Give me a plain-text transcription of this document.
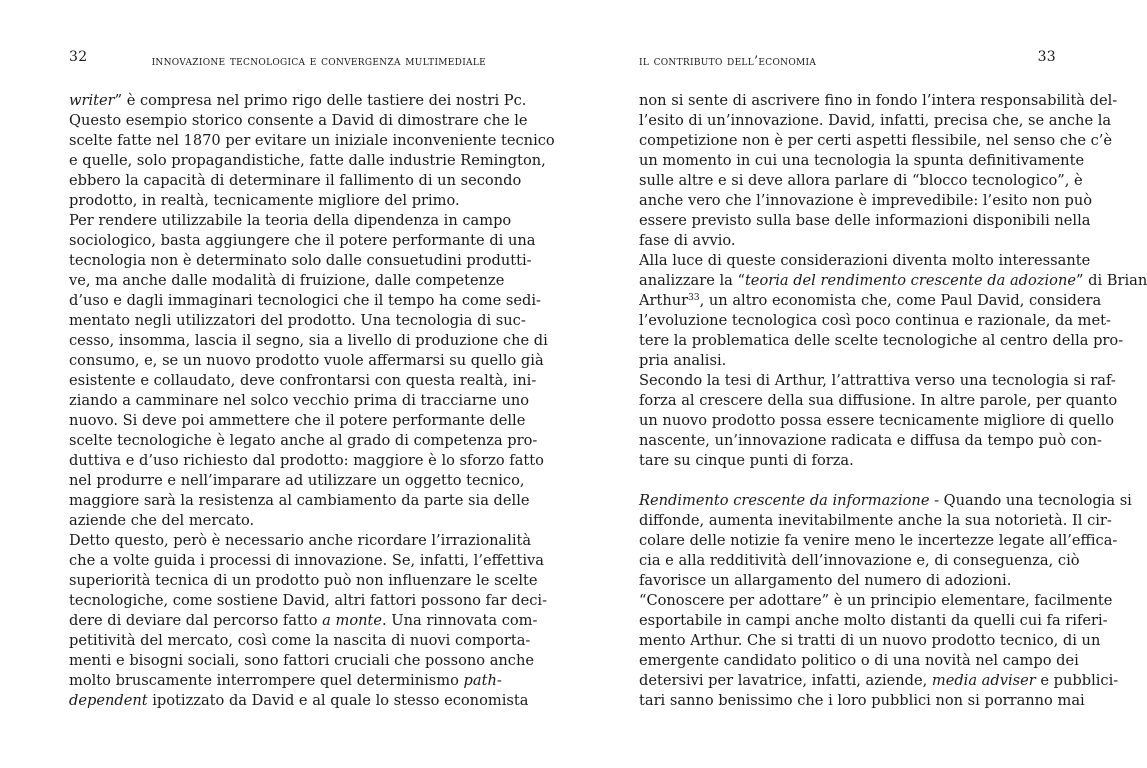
32	innovazione tecnologica e convergenza multimediale
writer” è compresa nel primo rigo delle tastiere dei nostri Pc.
Questo esempio storico consente a David di dimostrare che le
scelte fatte nel 1870 per evitare un iniziale inconveniente tecnico
e quelle, solo propagandistiche, fatte dalle industrie Remington,
ebbero la capacità di determinare il fallimento di un secondo
prodotto, in realtà, tecnicamente migliore del primo.
Per rendere utilizzabile la teoria della dipendenza in campo
sociologico, basta aggiungere che il potere performante di una
tecnologia non è determinato solo dalle consuetudini produtti-
ve, ma anche dalle modalità di fruizione, dalle competenze
d’uso e dagli immaginari tecnologici che il tempo ha come sedi-
mentato negli utilizzatori del prodotto. Una tecnologia di suc-
cesso, insomma, lascia il segno, sia a livello di produzione che di
consumo, e, se un nuovo prodotto vuole affermarsi su quello già
esistente e collaudato, deve confrontarsi con questa realtà, ini-
ziando a camminare nel solco vecchio prima di tracciarne uno
nuovo. Si deve poi ammettere che il potere performante delle
scelte tecnologiche è legato anche al grado di competenza pro-
duttiva e d’uso richiesto dal prodotto: maggiore è lo sforzo fatto
nel produrre e nell’imparare ad utilizzare un oggetto tecnico,
maggiore sarà la resistenza al cambiamento da parte sia delle
aziende che del mercato.
Detto questo, però è necessario anche ricordare l’irrazionalità
che a volte guida i processi di innovazione. Se, infatti, l’effettiva
superiorità tecnica di un prodotto può non influenzare le scelte
tecnologiche, come sostiene David, altri fattori possono far deci-
dere di deviare dal percorso fatto a monte. Una rinnovata com-
petitività del mercato, così come la nascita di nuovi comporta-
menti e bisogni sociali, sono fattori cruciali che possono anche
molto bruscamente interrompere quel determinismo path-
dependent ipotizzato da David e al quale lo stesso economista
il contributo dell’economia	33
non si sente di ascrivere fino in fondo l’intera responsabilità del-
l’esito di un’innovazione. David, infatti, precisa che, se anche la
competizione non è per certi aspetti flessibile, nel senso che c’è
un momento in cui una tecnologia la spunta definitivamente
sulle altre e si deve allora parlare di “blocco tecnologico”, è
anche vero che l’innovazione è imprevedibile: l’esito non può
essere previsto sulla base delle informazioni disponibili nella
fase di avvio.
Alla luce di queste considerazioni diventa molto interessante
analizzare la “teoria del rendimento crescente da adozione” di Brian
Arthur$^{33}$, un altro economista che, come Paul David, considera
l’evoluzione tecnologica così poco continua e razionale, da met-
tere la problematica delle scelte tecnologiche al centro della pro-
pria analisi.
Secondo la tesi di Arthur, l’attrattiva verso una tecnologia si raf-
forza al crescere della sua diffusione. In altre parole, per quanto
un nuovo prodotto possa essere tecnicamente migliore di quello
nascente, un’innovazione radicata e diffusa da tempo può con-
tare su cinque punti di forza.

Rendimento crescente da informazione - Quando una tecnologia si
diffonde, aumenta inevitabilmente anche la sua notorietà. Il cir-
colare delle notizie fa venire meno le incertezze legate all’effica-
cia e alla redditività dell’innovazione e, di conseguenza, ciò
favorisce un allargamento del numero di adozioni.
“Conoscere per adottare” è un principio elementare, facilmente
esportabile in campi anche molto distanti da quelli cui fa riferi-
mento Arthur. Che si tratti di un nuovo prodotto tecnico, di un
emergente candidato politico o di una novità nel campo dei
detersivi per lavatrice, infatti, aziende, media adviser e pubblici-
tari sanno benissimo che i loro pubblici non si porranno mai
